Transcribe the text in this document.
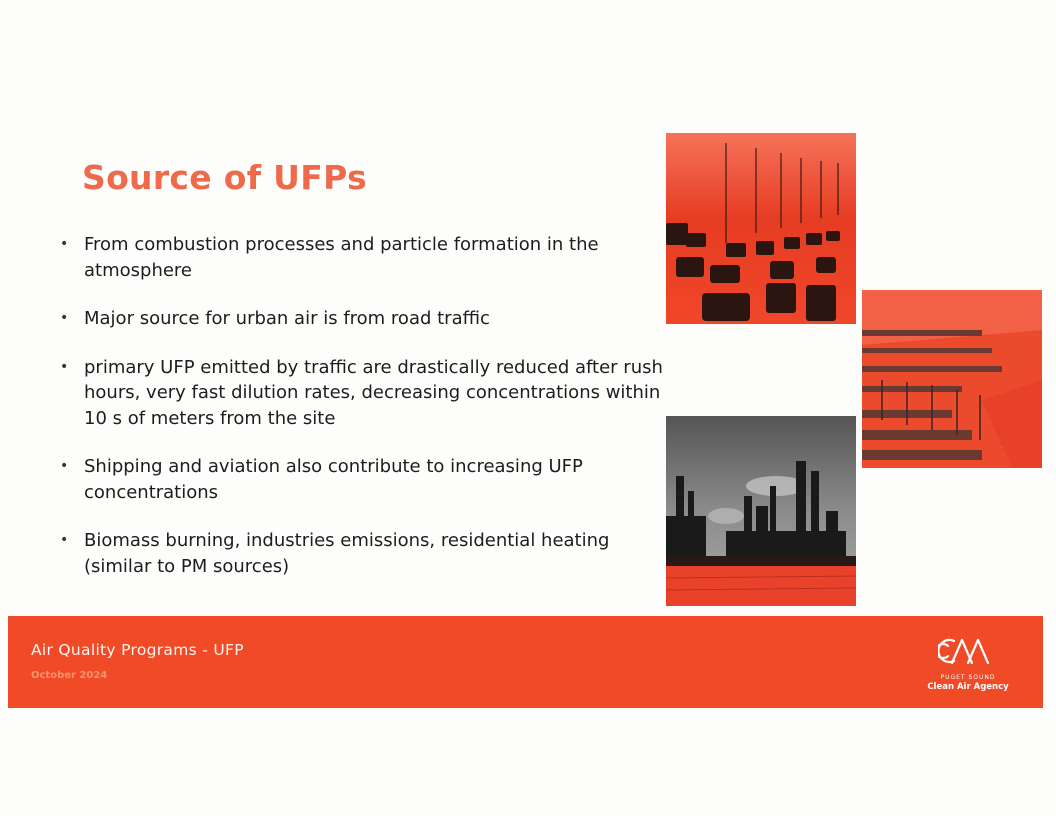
Source of UFPs
• From combustion processes and particle formation in the atmosphere
• Major source for urban air is from road traffic
• primary UFP emitted by traffic are drastically reduced after rush hours, very fast dilution rates, decreasing concentrations within 10 s of meters from the site
• Shipping and aviation also contribute to increasing UFP concentrations
• Biomass burning, industries emissions, residential heating (similar to PM sources)
Air Quality Programs - UFP
October 2024	PUGET SOUND
Clean Air Agency
